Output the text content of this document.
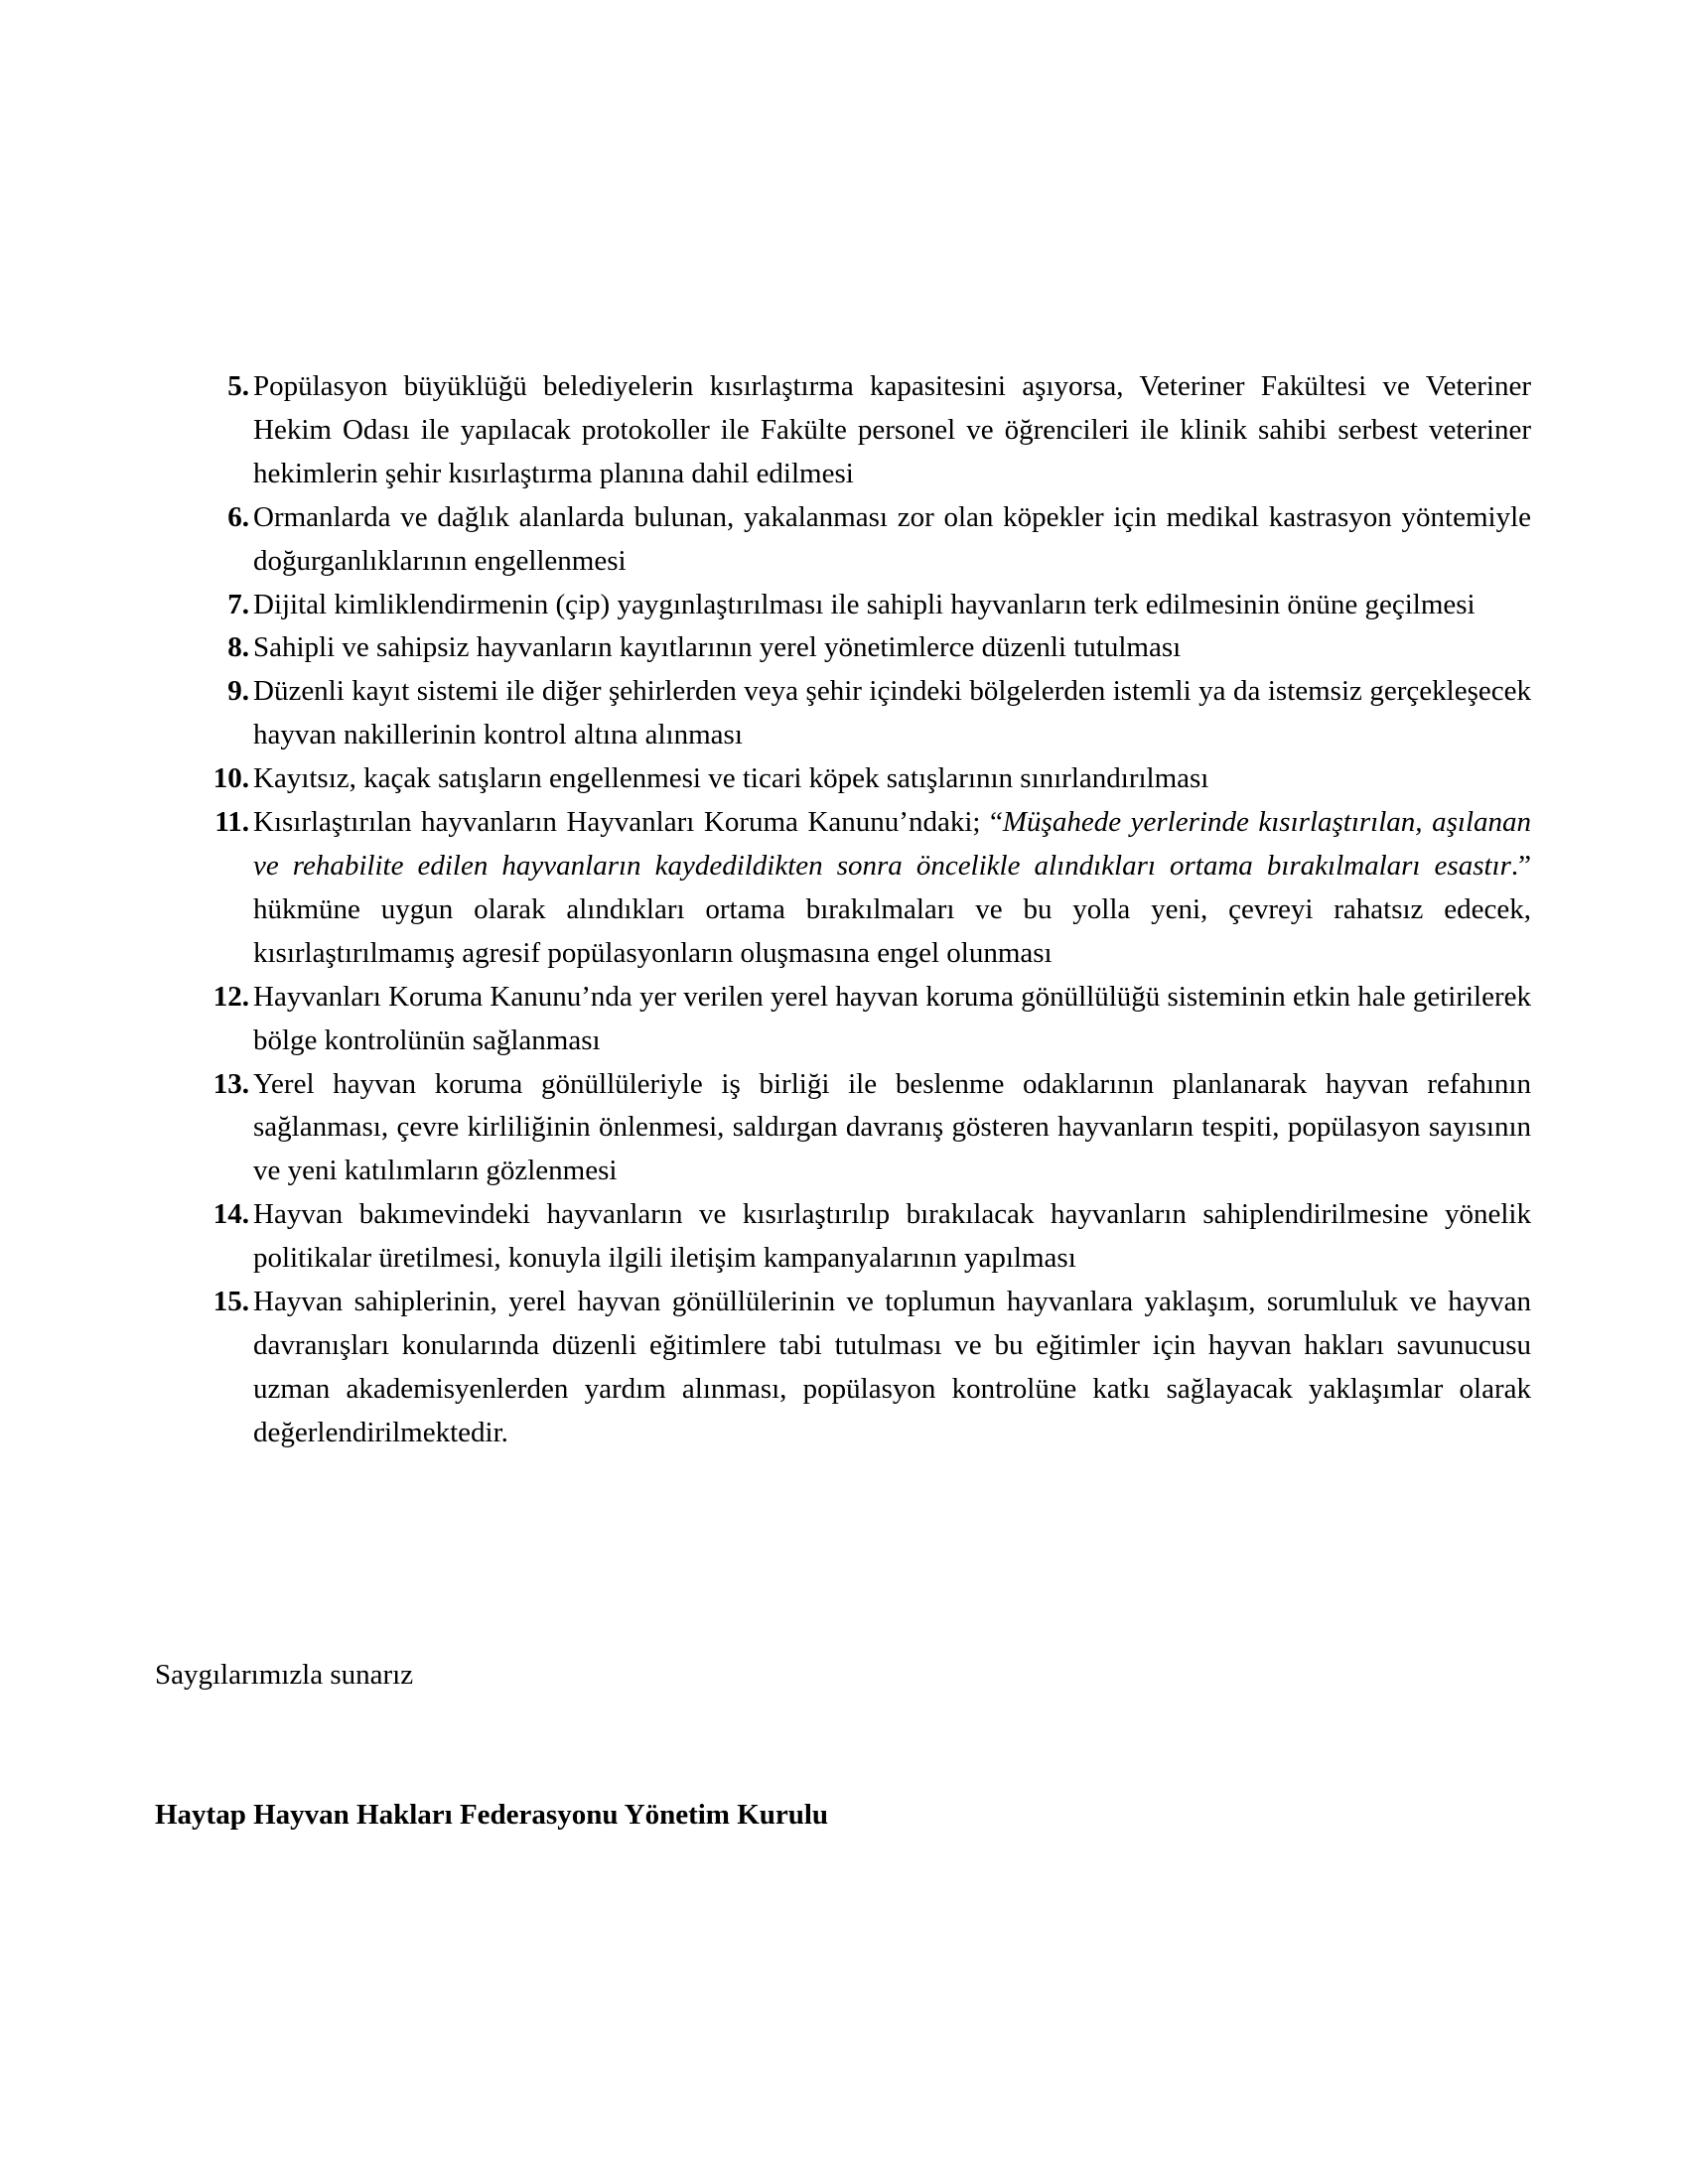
5. Popülasyon büyüklüğü belediyelerin kısırlaştırma kapasitesini aşıyorsa, Veteriner Fakültesi ve Veteriner Hekim Odası ile yapılacak protokoller ile Fakülte personel ve öğrencileri ile klinik sahibi serbest veteriner hekimlerin şehir kısırlaştırma planına dahil edilmesi
6. Ormanlarda ve dağlık alanlarda bulunan, yakalanması zor olan köpekler için medikal kastrasyon yöntemiyle doğurganlıklarının engellenmesi
7. Dijital kimliklendirmenin (çip) yaygınlaştırılması ile sahipli hayvanların terk edilmesinin önüne geçilmesi
8. Sahipli ve sahipsiz hayvanların kayıtlarının yerel yönetimlerce düzenli tutulması
9. Düzenli kayıt sistemi ile diğer şehirlerden veya şehir içindeki bölgelerden istemli ya da istemsiz gerçekleşecek hayvan nakillerinin kontrol altına alınması
10. Kayıtsız, kaçak satışların engellenmesi ve ticari köpek satışlarının sınırlandırılması
11. Kısırlaştırılan hayvanların Hayvanları Koruma Kanunu’ndaki; “Müşahede yerlerinde kısırlaştırılan, aşılanan ve rehabilite edilen hayvanların kaydedildikten sonra öncelikle alındıkları ortama bırakılmaları esastır.” hükmüne uygun olarak alındıkları ortama bırakılmaları ve bu yolla yeni, çevreyi rahatsız edecek, kısırlaştırılmamış agresif popülasyonların oluşmasına engel olunması
12. Hayvanları Koruma Kanunu’nda yer verilen yerel hayvan koruma gönüllülüğü sisteminin etkin hale getirilerek bölge kontrolünün sağlanması
13. Yerel hayvan koruma gönüllüleriyle iş birliği ile beslenme odaklarının planlanarak hayvan refahının sağlanması, çevre kirliliğinin önlenmesi, saldırgan davranış gösteren hayvanların tespiti, popülasyon sayısının ve yeni katılımların gözlenmesi
14. Hayvan bakımevindeki hayvanların ve kısırlaştırılıp bırakılacak hayvanların sahiplendirilmesine yönelik politikalar üretilmesi, konuyla ilgili iletişim kampanyalarının yapılması
15. Hayvan sahiplerinin, yerel hayvan gönüllülerinin ve toplumun hayvanlara yaklaşım, sorumluluk ve hayvan davranışları konularında düzenli eğitimlere tabi tutulması ve bu eğitimler için hayvan hakları savunucusu uzman akademisyenlerden yardım alınması, popülasyon kontrolüne katkı sağlayacak yaklaşımlar olarak değerlendirilmektedir.
Saygılarımızla sunarız
Haytap Hayvan Hakları Federasyonu Yönetim Kurulu
